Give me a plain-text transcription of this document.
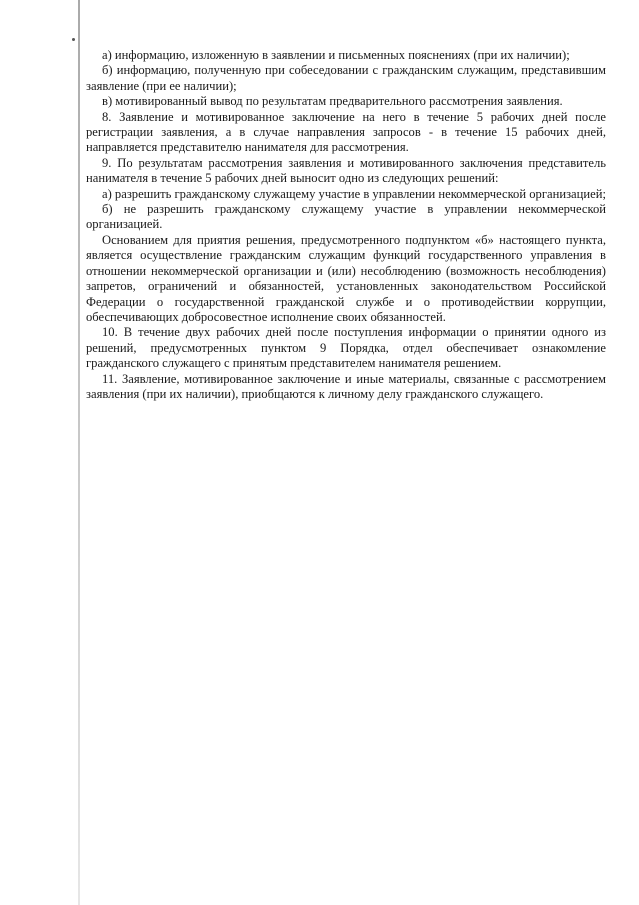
а) информацию, изложенную в заявлении и письменных пояснениях (при их наличии);

б) информацию, полученную при собеседовании с гражданским служащим, представившим заявление (при ее наличии);

в) мотивированный вывод по результатам предварительного рассмотрения заявления.

8. Заявление и мотивированное заключение на него в течение 5 рабочих дней после регистрации заявления, а в случае направления запросов - в течение 15 рабочих дней, направляется представителю нанимателя для рассмотрения.

9. По результатам рассмотрения заявления и мотивированного заключения представитель нанимателя в течение 5 рабочих дней выносит одно из следующих решений:

а) разрешить гражданскому служащему участие в управлении некоммерческой организацией;

б) не разрешить гражданскому служащему участие в управлении некоммерческой организацией.

Основанием для приятия решения, предусмотренного подпунктом «б» настоящего пункта, является осуществление гражданским служащим функций государственного управления в отношении некоммерческой организации и (или) несоблюдению (возможность несоблюдения) запретов, ограничений и обязанностей, установленных законодательством Российской Федерации о государственной гражданской службе и о противодействии коррупции, обеспечивающих добросовестное исполнение своих обязанностей.

10. В течение двух рабочих дней после поступления информации о принятии одного из решений, предусмотренных пунктом 9 Порядка, отдел обеспечивает ознакомление гражданского служащего с принятым представителем нанимателя решением.

11. Заявление, мотивированное заключение и иные материалы, связанные с рассмотрением заявления (при их наличии), приобщаются к личному делу гражданского служащего.
